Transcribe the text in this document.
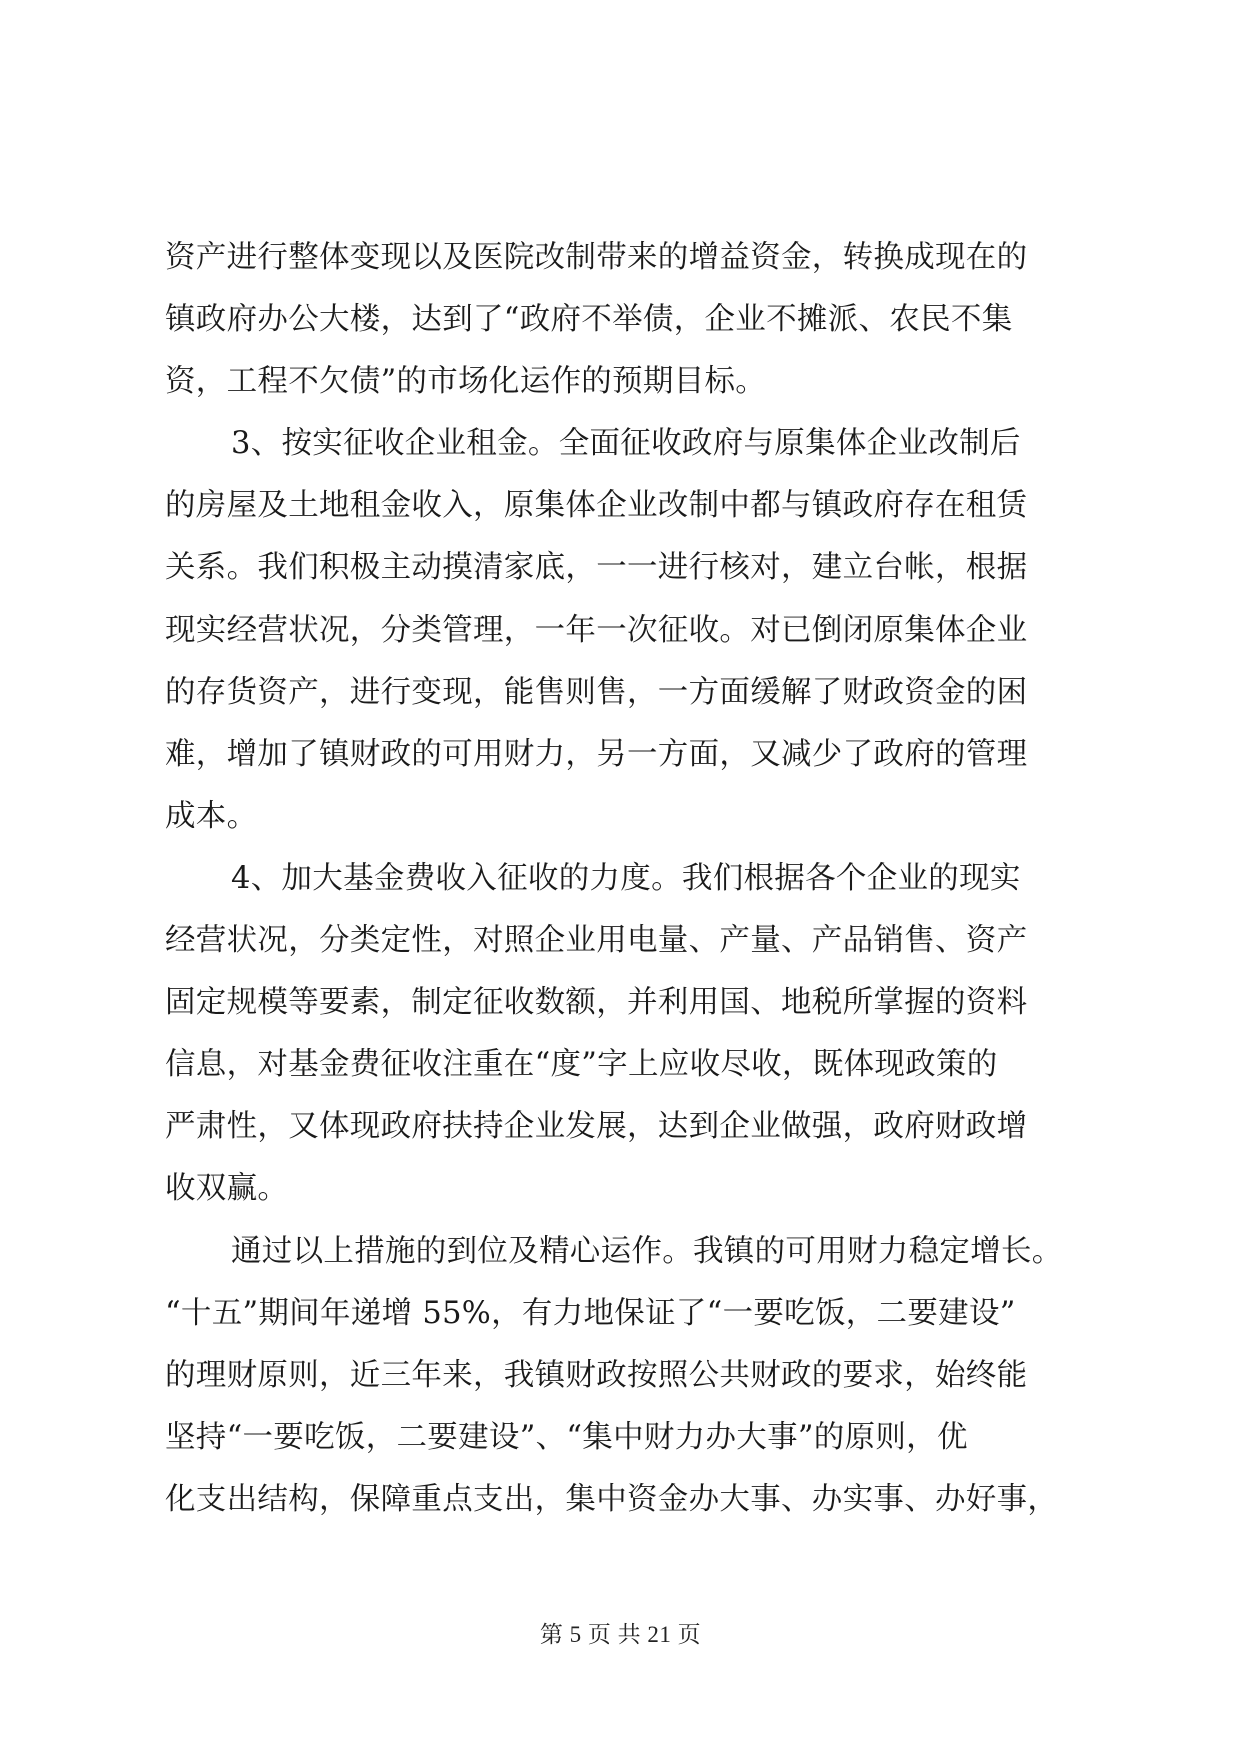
资产进行整体变现以及医院改制带来的增益资金，转换成现在的
镇政府办公大楼，达到了“政府不举债，企业不摊派、农民不集
资，工程不欠债”的市场化运作的预期目标。
3、按实征收企业租金。全面征收政府与原集体企业改制后
的房屋及土地租金收入，原集体企业改制中都与镇政府存在租赁
关系。我们积极主动摸清家底，一一进行核对，建立台帐，根据
现实经营状况，分类管理，一年一次征收。对已倒闭原集体企业
的存货资产，进行变现，能售则售，一方面缓解了财政资金的困
难，增加了镇财政的可用财力，另一方面，又减少了政府的管理
成本。
4、加大基金费收入征收的力度。我们根据各个企业的现实
经营状况，分类定性，对照企业用电量、产量、产品销售、资产
固定规模等要素，制定征收数额，并利用国、地税所掌握的资料
信息，对基金费征收注重在“度”字上应收尽收，既体现政策的
严肃性，又体现政府扶持企业发展，达到企业做强，政府财政增
收双赢。
通过以上措施的到位及精心运作。我镇的可用财力稳定增长。
“十五”期间年递增 55%，有力地保证了“一要吃饭，二要建设”
的理财原则，近三年来，我镇财政按照公共财政的要求，始终能
坚持“一要吃饭，二要建设”、“集中财力办大事”的原则，优
化支出结构，保障重点支出，集中资金办大事、办实事、办好事，
第 5 页 共 21 页
